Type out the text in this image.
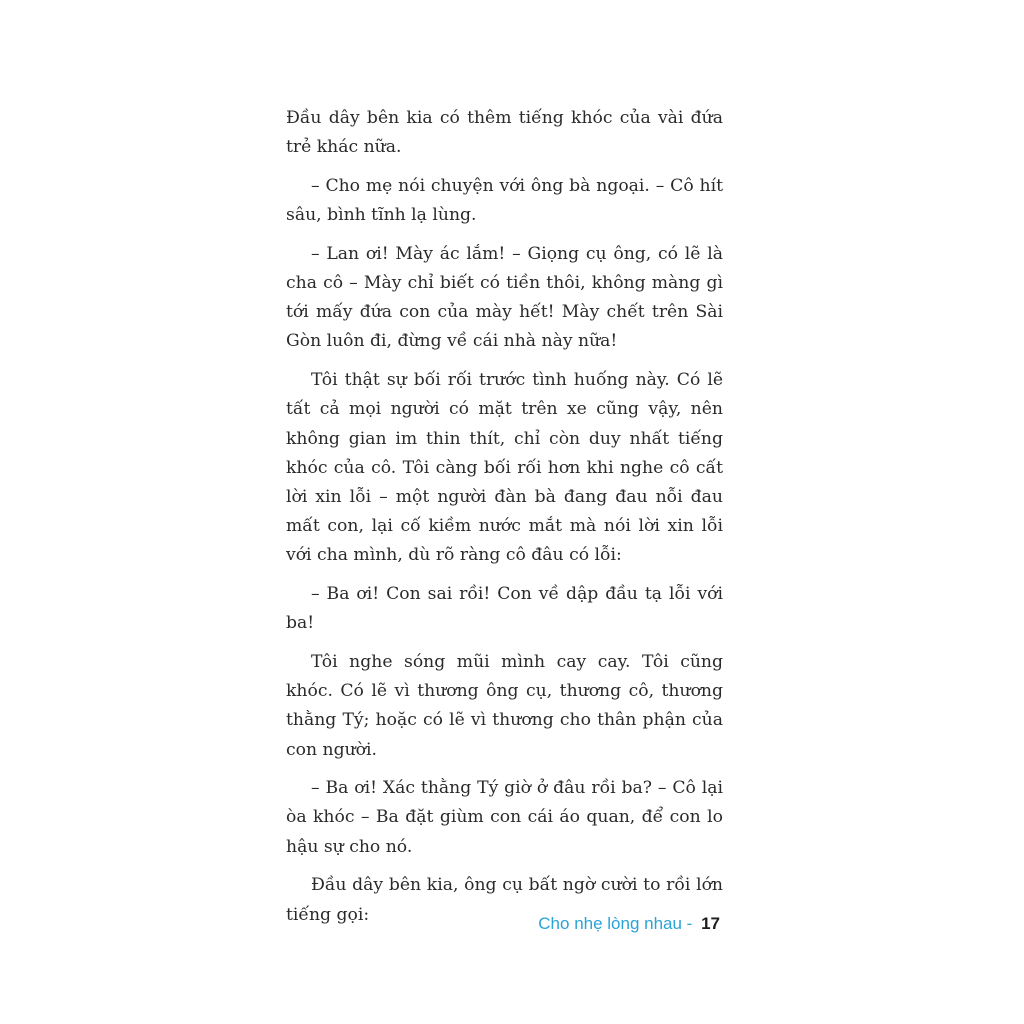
Đầu dây bên kia có thêm tiếng khóc của vài đứa trẻ khác nữa.

– Cho mẹ nói chuyện với ông bà ngoại. – Cô hít sâu, bình tĩnh lạ lùng.

– Lan ơi! Mày ác lắm! – Giọng cụ ông, có lẽ là cha cô – Mày chỉ biết có tiền thôi, không màng gì tới mấy đứa con của mày hết! Mày chết trên Sài Gòn luôn đi, đừng về cái nhà này nữa!

Tôi thật sự bối rối trước tình huống này. Có lẽ tất cả mọi người có mặt trên xe cũng vậy, nên không gian im thin thít, chỉ còn duy nhất tiếng khóc của cô. Tôi càng bối rối hơn khi nghe cô cất lời xin lỗi – một người đàn bà đang đau nỗi đau mất con, lại cố kiềm nước mắt mà nói lời xin lỗi với cha mình, dù rõ ràng cô đâu có lỗi:

– Ba ơi! Con sai rồi! Con về dập đầu tạ lỗi với ba!

Tôi nghe sóng mũi mình cay cay. Tôi cũng khóc. Có lẽ vì thương ông cụ, thương cô, thương thằng Tý; hoặc có lẽ vì thương cho thân phận của con người.

– Ba ơi! Xác thằng Tý giờ ở đâu rồi ba? – Cô lại òa khóc – Ba đặt giùm con cái áo quan, để con lo hậu sự cho nó.

Đầu dây bên kia, ông cụ bất ngờ cười to rồi lớn tiếng gọi:	Cho nhẹ lòng nhau - 17
